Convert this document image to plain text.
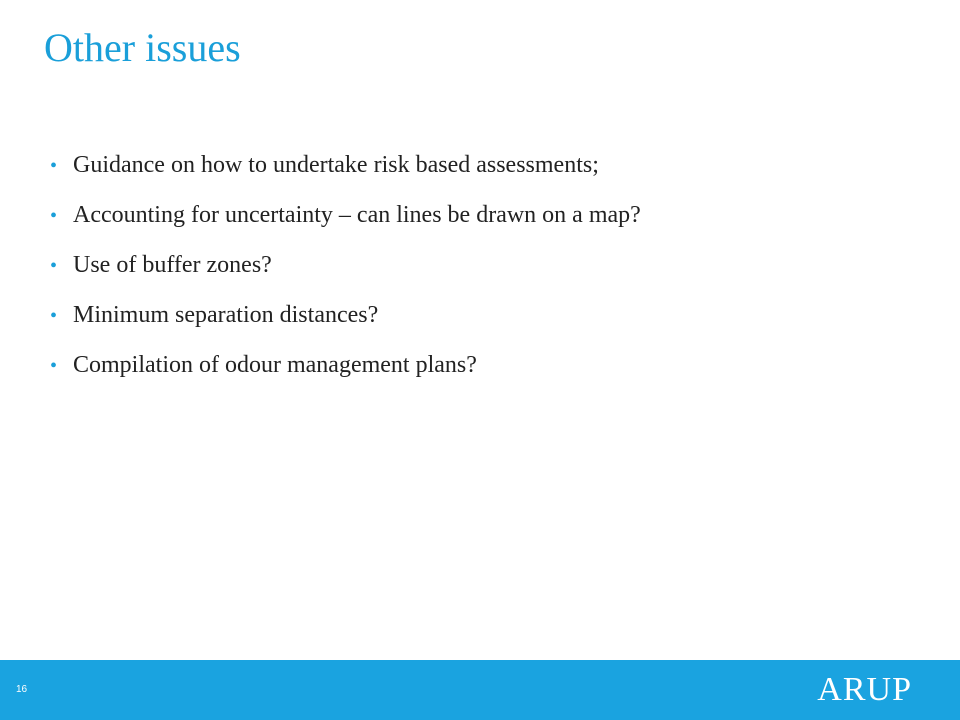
Other issues
• Guidance on how to undertake risk based assessments;
• Accounting for uncertainty – can lines be drawn on a map?
• Use of buffer zones?
• Minimum separation distances?
• Compilation of odour management plans?
16	ARUP
